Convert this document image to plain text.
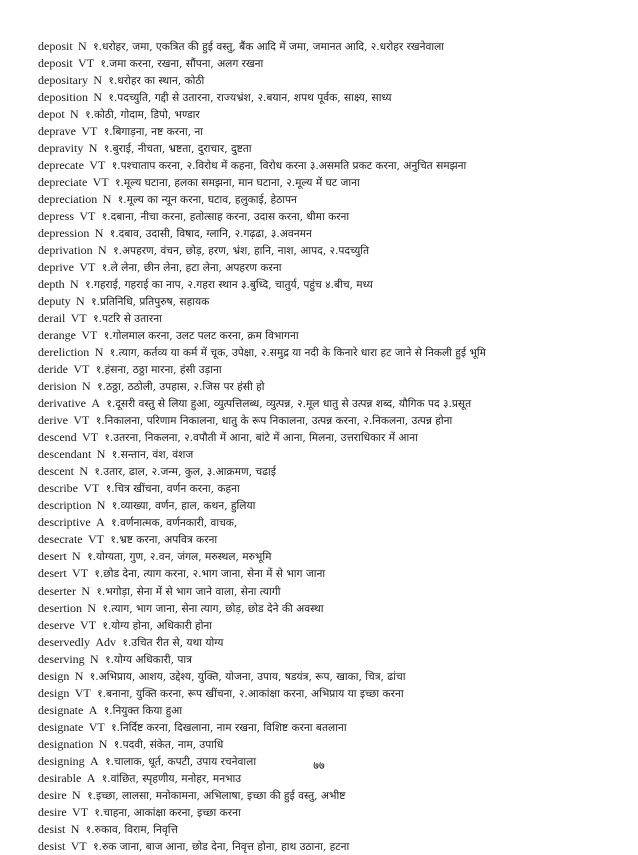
deposit N १.धरोहर, जमा, एकत्रित की हुई वस्तु, बैंक आदि में जमा, जमानत आदि, २.धरोहर रखनेवाला
deposit VT १.जमा करना, रखना, सौंपना, अलग रखना
depositary N १.धरोहर का स्थान, कोठी
deposition N १.पदच्युति, गद्दी से उतारना, राज्यभ्रंश, २.बयान, शपथ पूर्वक, साक्ष्य, साध्य
depot N १.कोठी, गोदाम, डिपो, भण्डार
deprave VT १.बिगाड़ना, नष्ट करना, ना
depravity N १.बुराई, नीचता, भ्रष्टता, दुराचार, दुष्टता
deprecate VT १.पश्चाताप करना, २.विरोध में कहना, विरोध करना ३.असमति प्रकट करना, अनुचित समझना
depreciate VT १.मूल्य घटाना, हलका समझना, मान घटाना, २.मूल्य में घट जाना
depreciation N १.मूल्य का न्यून करना, घटाव, हलुकाई, हेठापन
depress VT १.दबाना, नीचा करना, हतोत्साह करना, उदास करना, धीमा करना
depression N १.दबाव, उदासी, विषाद, ग्लानि, २.गढ़ढा, ३.अवनमन
deprivation N १.अपहरण, वंचन, छोड़, हरण, भ्रंश, हानि, नाश, आपद, २.पदच्युति
deprive VT १.ले लेना, छीन लेना, हटा लेना, अपहरण करना
depth N १.गहराई, गहराई का नाप, २.गहरा स्थान ३.बुध्दि, चातुर्य, पहुंच ४.बीच, मध्य
deputy N १.प्रतिनिधि, प्रतिपुरुष, सहायक
derail VT १.पटरि से उतारना
derange VT १.गोलमाल करना, उलट पलट करना, क्रम विभागना
dereliction N १.त्याग, कर्तव्य या कर्म में चूक, उपेक्षा, २.समुद्र या नदी के किनारे धारा हट जाने से निकली हुई भूमि
deride VT १.हंसना, ठठ्ठा मारना, हंसी उड़ाना
derision N १.ठठ्ठा, ठठोली, उपहास, २.जिस पर हंसी हो
derivative A १.दूसरी वस्तु से लिया हुआ, व्युत्पत्तिलब्ध, व्युत्पन्न, २.मूल धातु से उत्पन्न शब्द, यौगिक पद ३.प्रसूत
derive VT १.निकालना, परिणाम निकालना, धातु के रूप निकालना, उत्पन्न करना, २.निकलना, उत्पन्न होना
descend VT १.उतरना, निकलना, २.वपौती में आना, बांटे में आना, मिलना, उत्तराधिकार में आना
descendant N १.सन्तान, वंश, वंशज
descent N १.उतार, ढाल, २.जन्म, कुल, ३.आक्रमण, चढाई
describe VT १.चित्र खींचना, वर्णन करना, कहना
description N १.व्याख्या, वर्णन, हाल, कथन, हुलिया
descriptive A १.वर्णनात्मक, वर्णनकारी, वाचक,
desecrate VT १.भ्रष्ट करना, अपवित्र करना
desert N १.योग्यता, गुण, २.वन, जंगल, मरुस्थल, मरुभूमि
desert VT १.छोड देना, त्याग करना, २.भाग जाना, सेना में से भाग जाना
deserter N १.भगोड़ा, सेना में से भाग जाने वाला, सेना त्यागी
desertion N १.त्याग, भाग जाना, सेना त्याग, छोड़, छोड देने की अवस्था
deserve VT १.योग्य होना, अधिकारी होना
deservedly Adv १.उचित रीत से, यथा योग्य
deserving N १.योग्य अधिकारी, पात्र
design N १.अभिप्राय, आशय, उद्देश्य, युक्ति, योजना, उपाय, षडयंत्र, रूप, खाका, चित्र, ढांचा
design VT १.बनाना, युक्ति करना, रूप खींचना, २.आकांक्षा करना, अभिप्राय या इच्छा करना
designate A १.नियुक्त किया हुआ
designate VT १.निर्दिष्ट करना, दिखलाना, नाम रखना, विशिष्ट करना बतलाना
designation N १.पदवी, संकेत, नाम, उपाधि
designing A १.चालाक, धूर्त, कपटी, उपाय रचनेवाला
desirable A १.वांछित, स्पृहणीय, मनोहर, मनभाउ
desire N १.इच्छा, लालसा, मनोकामना, अभिलाषा, इच्छा की हुई वस्तु, अभीष्ट
desire VT १.चाहना, आकांक्षा करना, इच्छा करना
desist N १.रुकाव, विराम, निवृत्ति
desist VT १.रुक जाना, बाज आना, छोड देना, निवृत्त होना, हाथ उठाना, हटना
७७
